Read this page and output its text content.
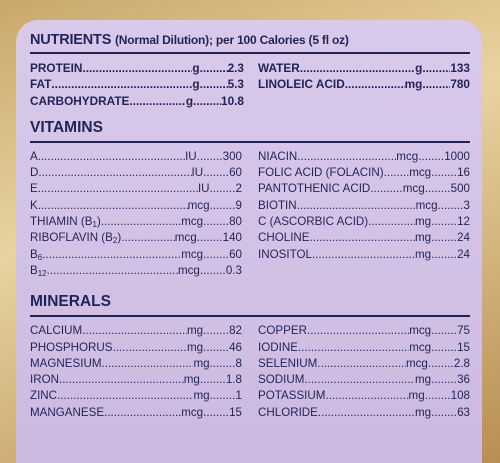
NUTRIENTS (Normal Dilution); per 100 Calories (5 fl oz)
PROTEIN .....	g ..... 2.3
FAT .....	g ..... 5.3
CARBOHYDRATE .....	g ..... 10.8
WATER .....	g ..... 133
LINOLEIC ACID .....	mg ..... 780
VITAMINS
A .....	IU ..... 300
D .....	IU ..... 60
E .....	IU ..... 2
K .....	mcg ..... 9
THIAMIN $(B_1)$ .....	mcg ..... 80
RIBOFLAVIN $(B_2)$ .....	mcg ..... 140
$B_6$ .....	mcg ..... 60
$B_{12}$ .....	mcg ..... 0.3
NIACIN .....	mcg ..... 1000
FOLIC ACID (FOLACIN) ..... mcg ..... 16
PANTOTHENIC ACID .....	mcg ..... 500
BIOTIN .....	mcg ..... 3
C (ASCORBIC ACID) .....	mg ..... 12
CHOLINE .....	mg ..... 24
INOSITOL .....	mg ..... 24
MINERALS
CALCIUM .....	mg ..... 82
PHOSPHORUS .....	mg ..... 46
MAGNESIUM .....	mg ..... 8
IRON .....	mg ..... 1.8
ZINC .....	mg ..... 1
MANGANESE .....	mcg ..... 15
COPPER .....	mcg ..... 75
IODINE .....	mcg ..... 15
SELENIUM .....	mcg ..... 2.8
SODIUM .....	mg ..... 36
POTASSIUM .....	mg ..... 108
CHLORIDE .....	mg ..... 63
